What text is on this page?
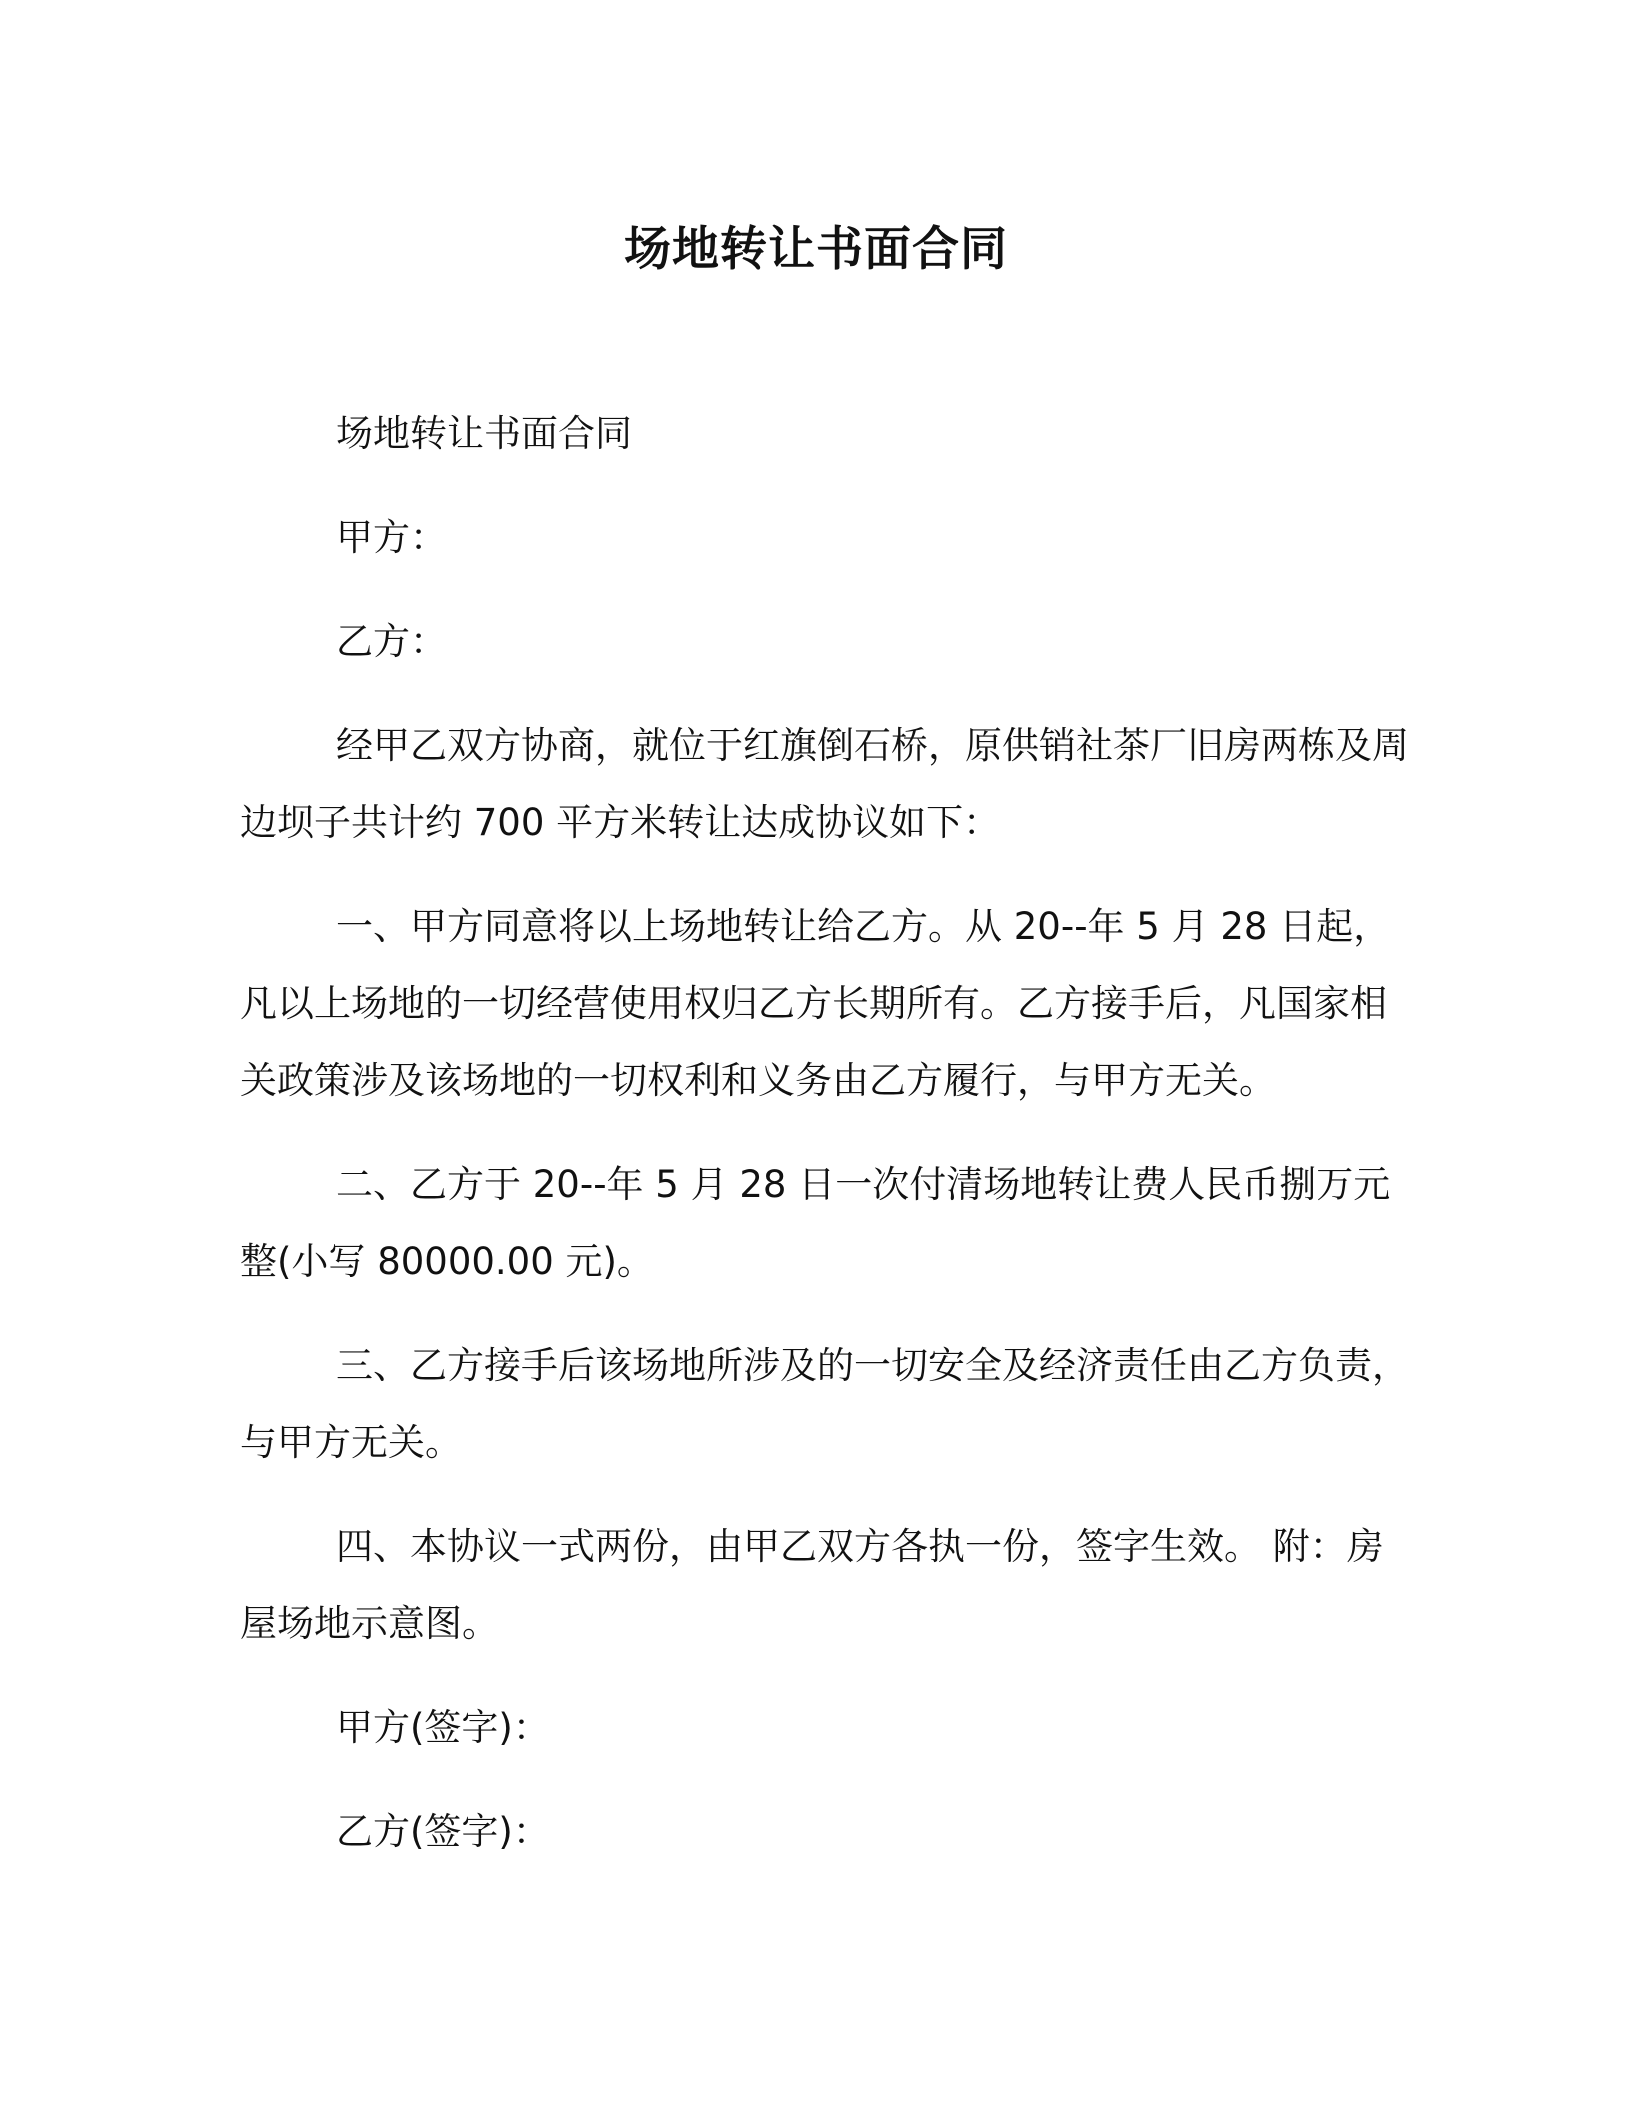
场地转让书面合同

场地转让书面合同

甲方：

乙方：

经甲乙双方协商，就位于红旗倒石桥，原供销社茶厂旧房两栋及周边坝子共计约 700 平方米转让达成协议如下：

一、甲方同意将以上场地转让给乙方。从 20--年 5 月 28 日起，凡以上场地的一切经营使用权归乙方长期所有。乙方接手后，凡国家相关政策涉及该场地的一切权利和义务由乙方履行，与甲方无关。

二、乙方于 20--年 5 月 28 日一次付清场地转让费人民币捌万元整(小写 80000.00 元)。

三、乙方接手后该场地所涉及的一切安全及经济责任由乙方负责，与甲方无关。

四、本协议一式两份，由甲乙双方各执一份，签字生效。 附：房屋场地示意图。

甲方(签字)：

乙方(签字)：
